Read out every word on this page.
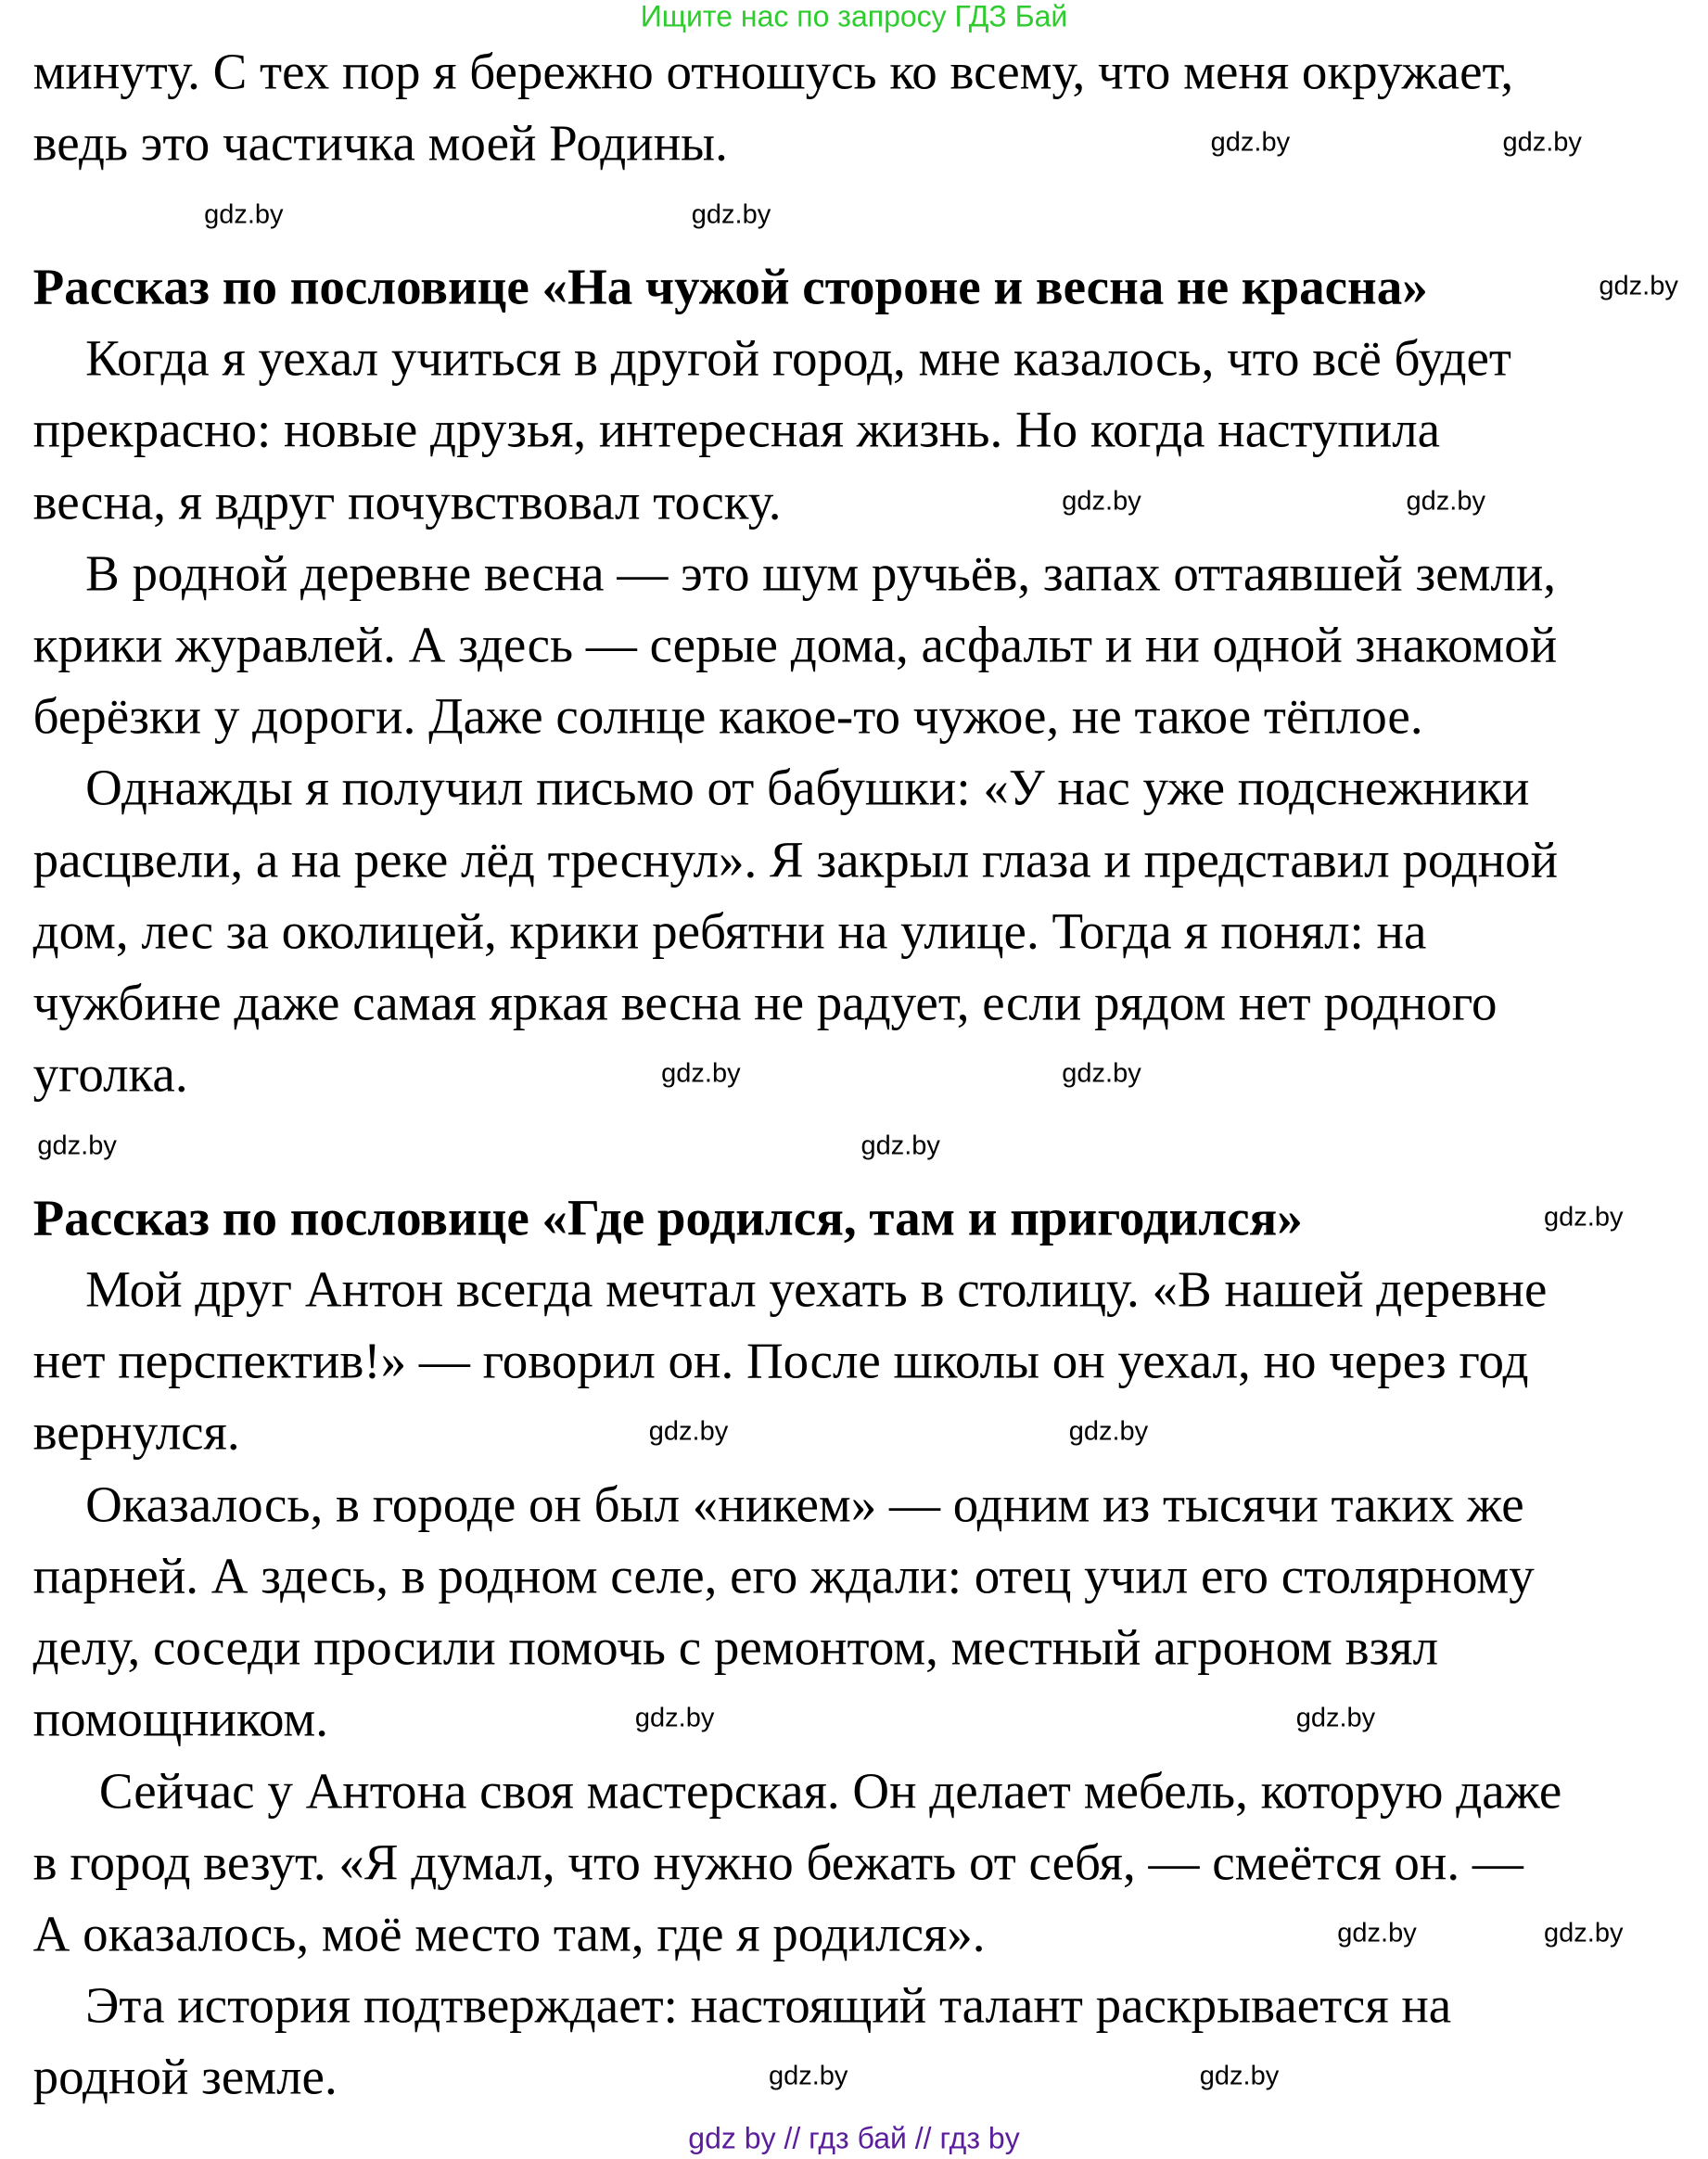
Ищите нас по запросу ГДЗ Бай
минуту. С тех пор я бережно отношусь ко всему, что меня окружает,
ведь это частичка моей Родины.
Рассказ по пословице «На чужой стороне и весна не красна»
Когда я уехал учиться в другой город, мне казалось, что всё будет
прекрасно: новые друзья, интересная жизнь. Но когда наступила
весна, я вдруг почувствовал тоску.
В родной деревне весна — это шум ручьёв, запах оттаявшей земли,
крики журавлей. А здесь — серые дома, асфальт и ни одной знакомой
берёзки у дороги. Даже солнце какое-то чужое, не такое тёплое.
Однажды я получил письмо от бабушки: «У нас уже подснежники
расцвели, а на реке лёд треснул». Я закрыл глаза и представил родной
дом, лес за околицей, крики ребятни на улице. Тогда я понял: на
чужбине даже самая яркая весна не радует, если рядом нет родного
уголка.
Рассказ по пословице «Где родился, там и пригодился»
Мой друг Антон всегда мечтал уехать в столицу. «В нашей деревне
нет перспектив!» — говорил он. После школы он уехал, но через год
вернулся.
Оказалось, в городе он был «никем» — одним из тысячи таких же
парней. А здесь, в родном селе, его ждали: отец учил его столярному
делу, соседи просили помочь с ремонтом, местный агроном взял
помощником.
Сейчас у Антона своя мастерская. Он делает мебель, которую даже
в город везут. «Я думал, что нужно бежать от себя, — смеётся он. —
А оказалось, моё место там, где я родился».
Эта история подтверждает: настоящий талант раскрывается на
родной земле.
gdz.by	gdz.by
gdz.by
gdz.by
gdz.by
gdz.by	gdz.by
gdz.by	gdz.by
gdz.by	gdz.by
gdz.by
gdz.by	gdz.by
gdz.by
gdz.by
gdz.by	gdz.by
gdz.by	gdz.by
gdz by // гдз бай // гдз by
